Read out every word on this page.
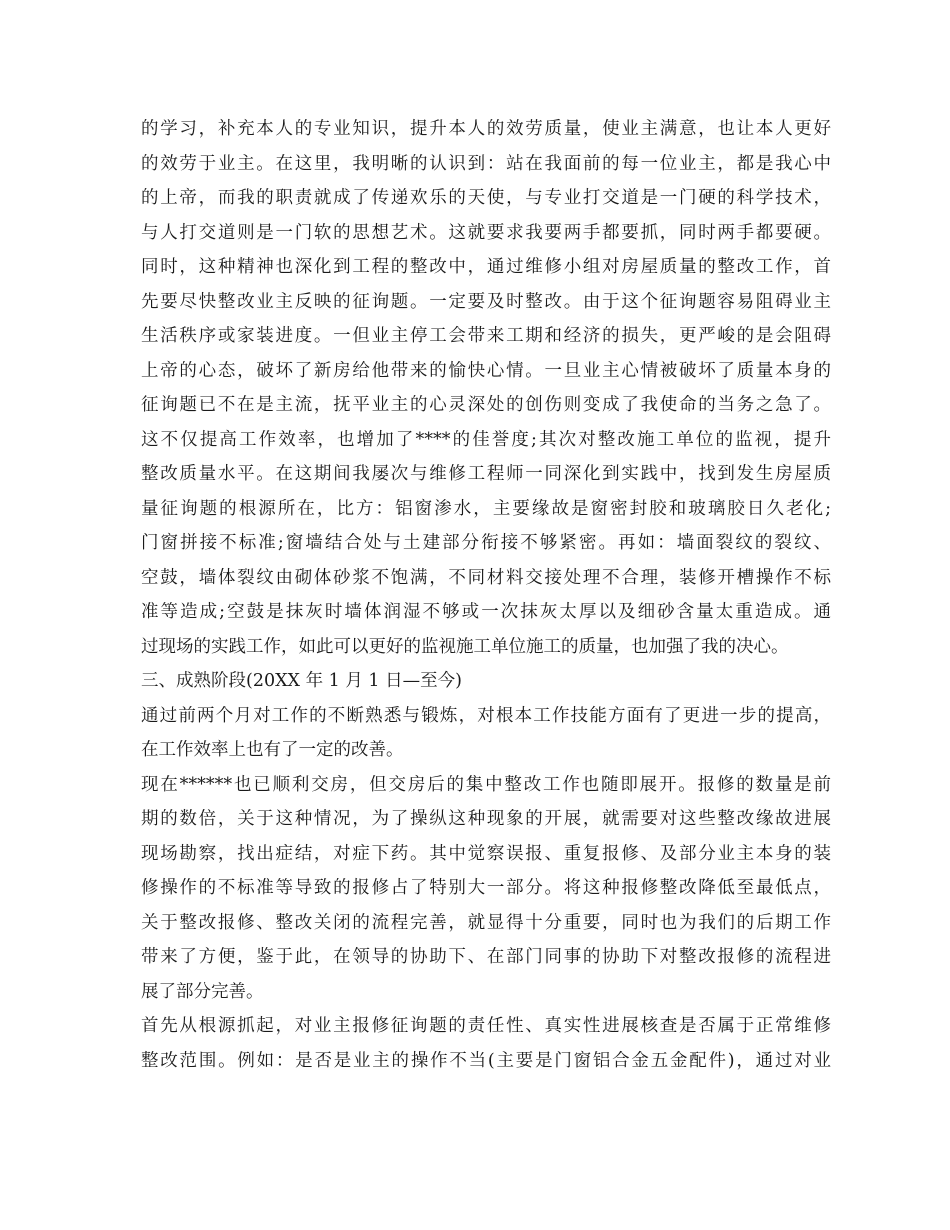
的学习，补充本人的专业知识，提升本人的效劳质量，使业主满意，也让本人更好
的效劳于业主。在这里，我明晰的认识到：站在我面前的每一位业主，都是我心中
的上帝，而我的职责就成了传递欢乐的天使，与专业打交道是一门硬的科学技术，
与人打交道则是一门软的思想艺术。这就要求我要两手都要抓，同时两手都要硬。
同时，这种精神也深化到工程的整改中，通过维修小组对房屋质量的整改工作，首
先要尽快整改业主反映的征询题。一定要及时整改。由于这个征询题容易阻碍业主
生活秩序或家装进度。一但业主停工会带来工期和经济的损失，更严峻的是会阻碍
上帝的心态，破坏了新房给他带来的愉快心情。一旦业主心情被破坏了质量本身的
征询题已不在是主流，抚平业主的心灵深处的创伤则变成了我使命的当务之急了。
这不仅提高工作效率，也增加了****的佳誉度;其次对整改施工单位的监视，提升
整改质量水平。在这期间我屡次与维修工程师一同深化到实践中，找到发生房屋质
量征询题的根源所在，比方：铝窗渗水，主要缘故是窗密封胶和玻璃胶日久老化;
门窗拼接不标准;窗墙结合处与土建部分衔接不够紧密。再如：墙面裂纹的裂纹、
空鼓，墙体裂纹由砌体砂浆不饱满，不同材料交接处理不合理，装修开槽操作不标
准等造成;空鼓是抹灰时墙体润湿不够或一次抹灰太厚以及细砂含量太重造成。通
过现场的实践工作，如此可以更好的监视施工单位施工的质量，也加强了我的决心。
三、成熟阶段(20XX 年 1 月 1 日—至今)
通过前两个月对工作的不断熟悉与锻炼，对根本工作技能方面有了更进一步的提高，
在工作效率上也有了一定的改善。
现在******也已顺利交房，但交房后的集中整改工作也随即展开。报修的数量是前
期的数倍，关于这种情况，为了操纵这种现象的开展，就需要对这些整改缘故进展
现场勘察，找出症结，对症下药。其中觉察误报、重复报修、及部分业主本身的装
修操作的不标准等导致的报修占了特别大一部分。将这种报修整改降低至最低点，
关于整改报修、整改关闭的流程完善，就显得十分重要，同时也为我们的后期工作
带来了方便，鉴于此，在领导的协助下、在部门同事的协助下对整改报修的流程进
展了部分完善。
首先从根源抓起，对业主报修征询题的责任性、真实性进展核查是否属于正常维修
整改范围。例如：是否是业主的操作不当(主要是门窗铝合金五金配件)，通过对业
